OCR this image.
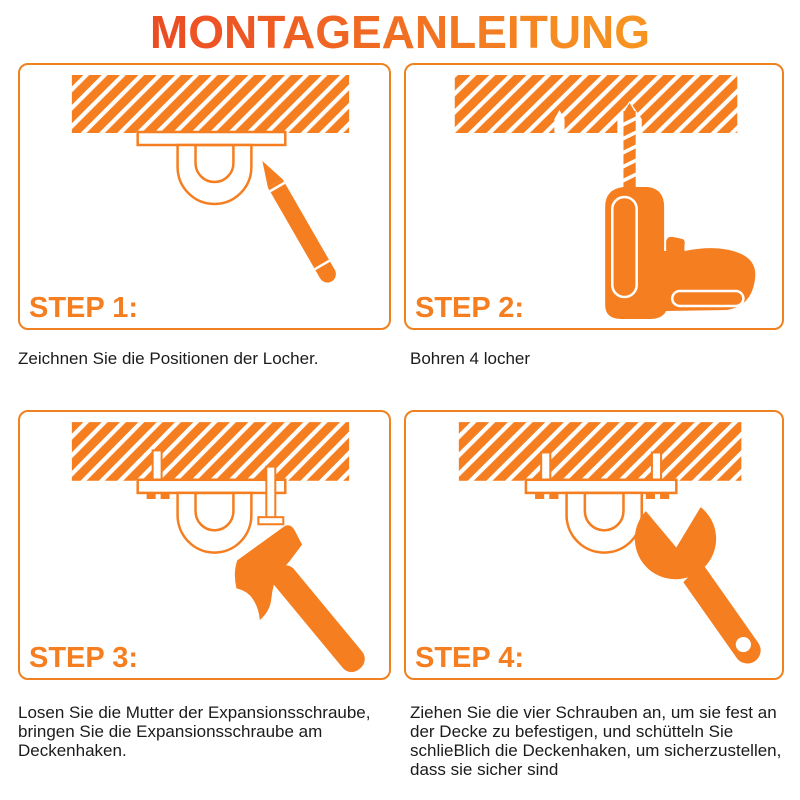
MONTAGEANLEITUNG
STEP 1:	STEP 2:
STEP 3:	STEP 4:
Zeichnen Sie die Positionen der Locher.	Bohren 4 locher
Losen Sie die Mutter der Expansionsschraube, bringen Sie die Expansionsschraube am Deckenhaken.
Ziehen Sie die vier Schrauben an, um sie fest an der Decke zu befestigen, und schütteln Sie schlieBlich die Deckenhaken, um sicherzustellen, dass sie sicher sind
